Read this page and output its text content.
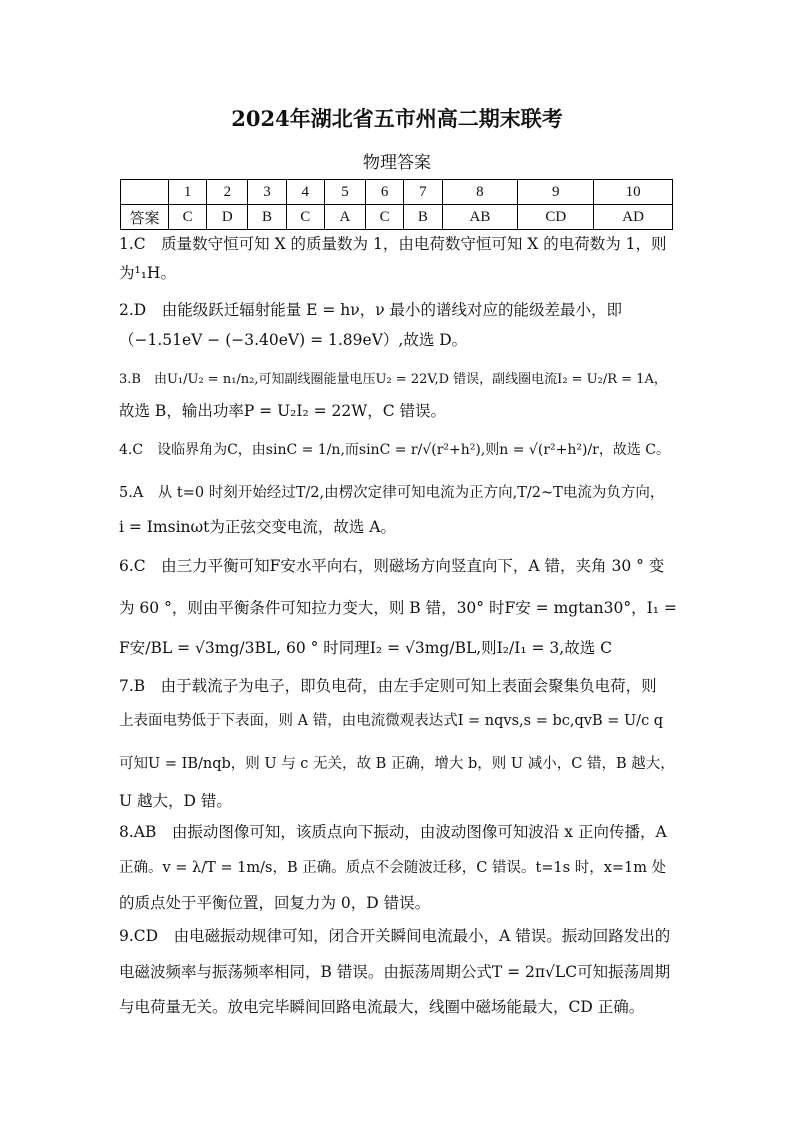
2024年湖北省五市州高二期末联考
物理答案
	1	2	3	4	5	6	7	8	9	10
答案	C	D	B	C	A	C	B	AB	CD	AD
1.C　质量数守恒可知 X 的质量数为 1，由电荷数守恒可知 X 的电荷数为 1，则
为¹₁H。
2.D　由能级跃迁辐射能量 E = hν，ν 最小的谱线对应的能级差最小，即
（−1.51eV − (−3.40eV) = 1.89eV）,故选 D。
3.B　由U₁/U₂ = n₁/n₂,可知副线圈能量电压U₂ = 22V,D 错误，副线圈电流I₂ = U₂/R = 1A，
故选 B，输出功率P = U₂I₂ = 22W，C 错误。
4.C　设临界角为C，由sinC = 1/n,而sinC = r/√(r²+h²),则n = √(r²+h²)/r，故选 C。
5.A　从 t=0 时刻开始经过T/2,由楞次定律可知电流为正方向,T/2~T电流为负方向，
i = Imsinωt为正弦交变电流，故选 A。
6.C　由三力平衡可知F安水平向右，则磁场方向竖直向下，A 错，夹角 30 ° 变
为 60 °，则由平衡条件可知拉力变大，则 B 错，30° 时F安 = mgtan30°，I₁ =
F安/BL = √3mg/3BL, 60 ° 时同理I₂ = √3mg/BL,则I₂/I₁ = 3,故选 C
7.B　由于载流子为电子，即负电荷，由左手定则可知上表面会聚集负电荷，则
上表面电势低于下表面，则 A 错，由电流微观表达式I = nqvs,s = bc,qvB = U/c q
可知U = IB/nqb，则 U 与 c 无关，故 B 正确，增大 b，则 U 减小，C 错，B 越大，
U 越大，D 错。
8.AB　由振动图像可知，该质点向下振动，由波动图像可知波沿 x 正向传播，A
正确。v = λ/T = 1m/s，B 正确。质点不会随波迁移，C 错误。t=1s 时，x=1m 处
的质点处于平衡位置，回复力为 0，D 错误。
9.CD　由电磁振动规律可知，闭合开关瞬间电流最小，A 错误。振动回路发出的
电磁波频率与振荡频率相同，B 错误。由振荡周期公式T = 2π√LC可知振荡周期
与电荷量无关。放电完毕瞬间回路电流最大，线圈中磁场能最大，CD 正确。
